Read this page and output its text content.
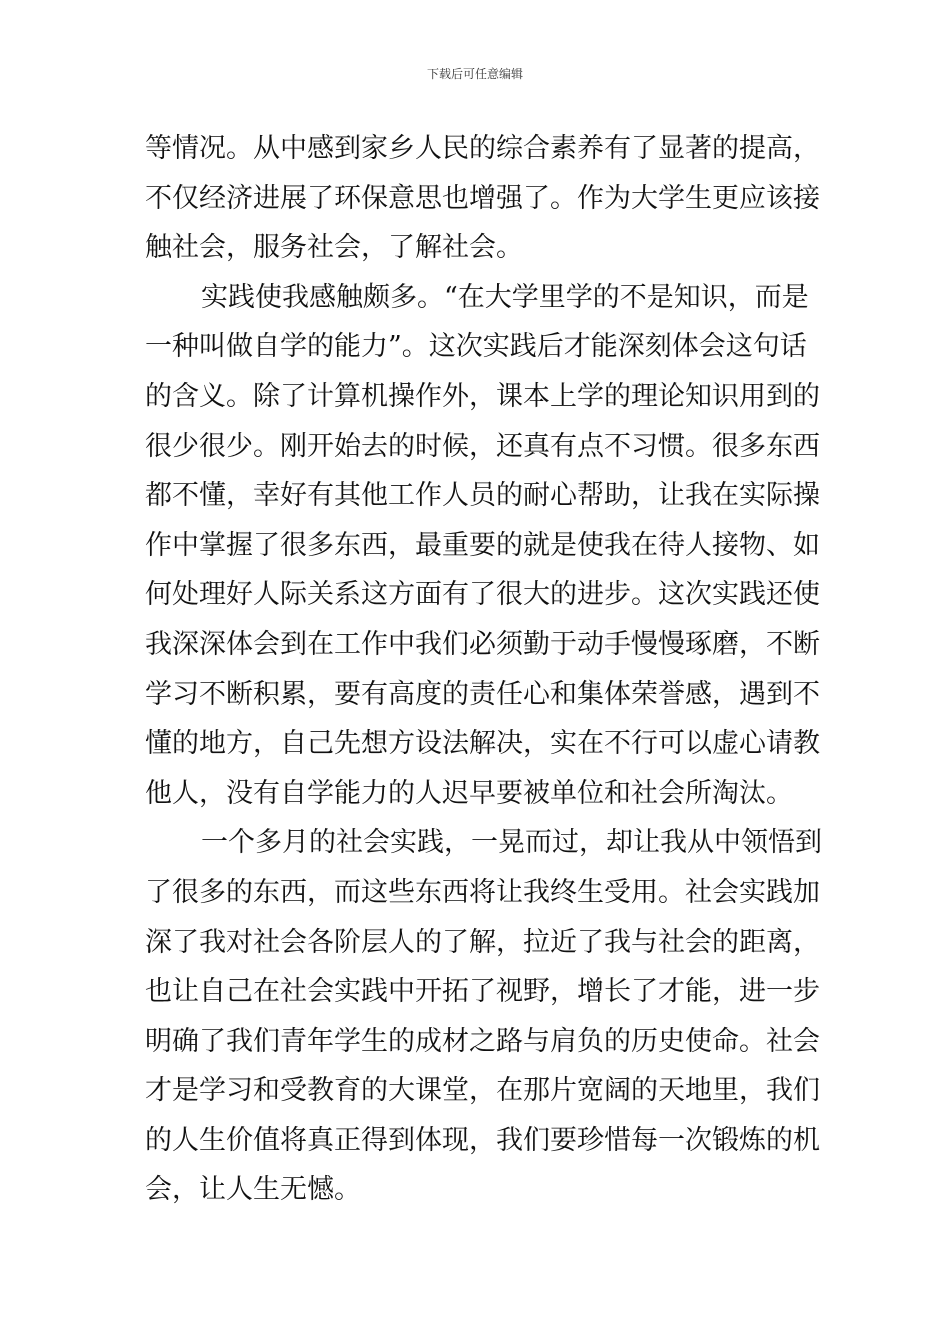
下载后可任意编辑
等情况。从中感到家乡人民的综合素养有了显著的提高，
不仅经济进展了环保意思也增强了。作为大学生更应该接
触社会，服务社会，了解社会。
实践使我感触颇多。“在大学里学的不是知识，而是
一种叫做自学的能力”。这次实践后才能深刻体会这句话
的含义。除了计算机操作外，课本上学的理论知识用到的
很少很少。刚开始去的时候，还真有点不习惯。很多东西
都不懂，幸好有其他工作人员的耐心帮助，让我在实际操
作中掌握了很多东西，最重要的就是使我在待人接物、如
何处理好人际关系这方面有了很大的进步。这次实践还使
我深深体会到在工作中我们必须勤于动手慢慢琢磨，不断
学习不断积累，要有高度的责任心和集体荣誉感，遇到不
懂的地方，自己先想方设法解决，实在不行可以虚心请教
他人，没有自学能力的人迟早要被单位和社会所淘汰。
一个多月的社会实践，一晃而过，却让我从中领悟到
了很多的东西，而这些东西将让我终生受用。社会实践加
深了我对社会各阶层人的了解，拉近了我与社会的距离，
也让自己在社会实践中开拓了视野，增长了才能，进一步
明确了我们青年学生的成材之路与肩负的历史使命。社会
才是学习和受教育的大课堂，在那片宽阔的天地里，我们
的人生价值将真正得到体现，我们要珍惜每一次锻炼的机
会，让人生无憾。
